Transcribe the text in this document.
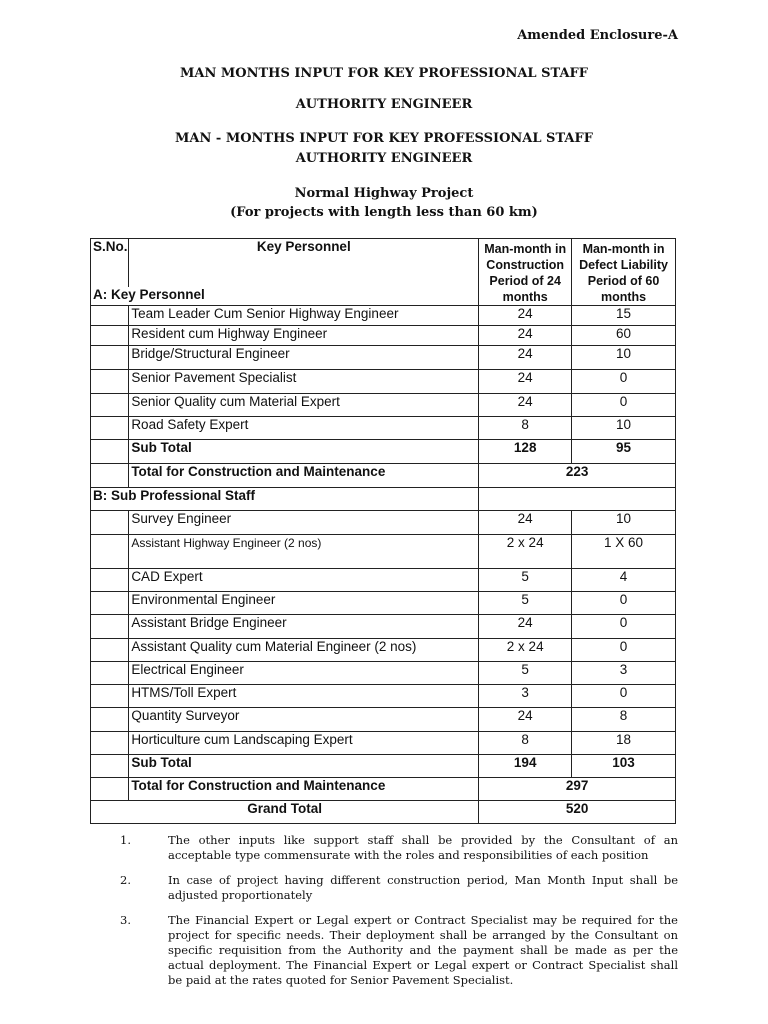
Amended Enclosure-A
MAN MONTHS INPUT FOR KEY PROFESSIONAL STAFF
AUTHORITY ENGINEER
MAN - MONTHS INPUT FOR KEY PROFESSIONAL STAFF
AUTHORITY ENGINEER
Normal Highway Project
(For projects with length less than 60 km)
S.No.	Key Personnel	Man-month in Construction Period of 24 months	Man-month in Defect Liability Period of 60 months
A: Key Personnel			
	Team Leader Cum Senior Highway Engineer	24	15
	Resident cum Highway Engineer	24	60
	Bridge/Structural Engineer	24	10
	Senior Pavement Specialist	24	0
	Senior Quality cum Material Expert	24	0
	Road Safety Expert	8	10
	Sub Total	128	95
	Total for Construction and Maintenance	223	
B: Sub Professional Staff			
	Survey Engineer	24	10
	Assistant Highway Engineer (2 nos)	2 x 24	1 X 60
	CAD Expert	5	4
	Environmental Engineer	5	0
	Assistant Bridge Engineer	24	0
	Assistant Quality cum Material Engineer (2 nos)	2 x 24	0
	Electrical Engineer	5	3
	HTMS/Toll Expert	3	0
	Quantity Surveyor	24	8
	Horticulture cum Landscaping Expert	8	18
	Sub Total	194	103
	Total for Construction and Maintenance	297	
Grand Total		520	
1.	The other inputs like support staff shall be provided by the Consultant of an acceptable type commensurate with the roles and responsibilities of each position
2.	In case of project having different construction period, Man Month Input shall be adjusted proportionately
3.	The Financial Expert or Legal expert or Contract Specialist may be required for the project for specific needs. Their deployment shall be arranged by the Consultant on specific requisition from the Authority and the payment shall be made as per the actual deployment. The Financial Expert or Legal expert or Contract Specialist shall be paid at the rates quoted for Senior Pavement Specialist.
